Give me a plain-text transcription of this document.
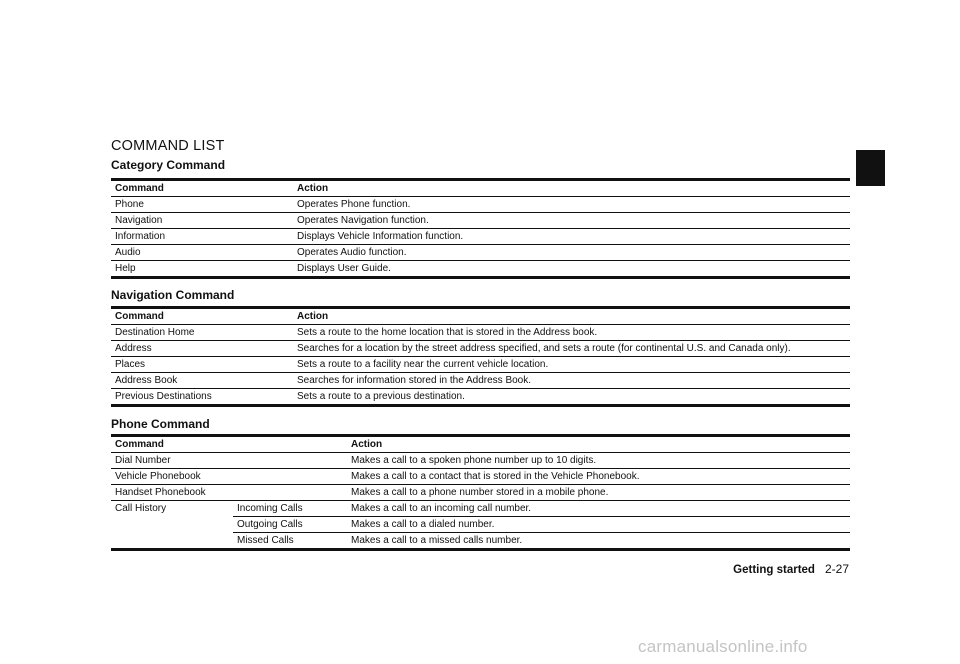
COMMAND LIST
Category Command
Command	Action
Phone	Operates Phone function.
Navigation	Operates Navigation function.
Information	Displays Vehicle Information function.
Audio	Operates Audio function.
Help	Displays User Guide.
Navigation Command
Command	Action
Destination Home	Sets a route to the home location that is stored in the Address book.
Address	Searches for a location by the street address specified, and sets a route (for continental U.S. and Canada only).
Places	Sets a route to a facility near the current vehicle location.
Address Book	Searches for information stored in the Address Book.
Previous Destinations	Sets a route to a previous destination.
Phone Command
Command		Action
Dial Number		Makes a call to a spoken phone number up to 10 digits.
Vehicle Phonebook		Makes a call to a contact that is stored in the Vehicle Phonebook.
Handset Phonebook		Makes a call to a phone number stored in a mobile phone.
Call History	Incoming Calls	Makes a call to an incoming call number.
	Outgoing Calls	Makes a call to a dialed number.
	Missed Calls	Makes a call to a missed calls number.
Getting started 2-27
carmanualsonline.info
